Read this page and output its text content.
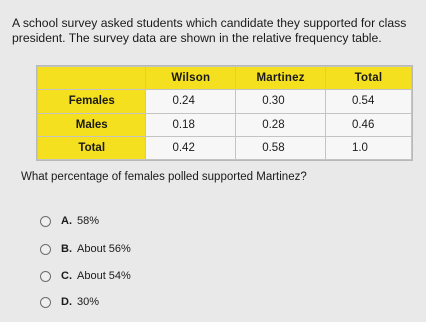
A school survey asked students which candidate they supported for class president. The survey data are shown in the relative frequency table.
	Wilson	Martinez	Total
Females	0.24	0.30	0.54
Males	0.18	0.28	0.46
Total	0.42	0.58	1.0
What percentage of females polled supported Martinez?
A. 58%
B. About 56%
C. About 54%
D. 30%
